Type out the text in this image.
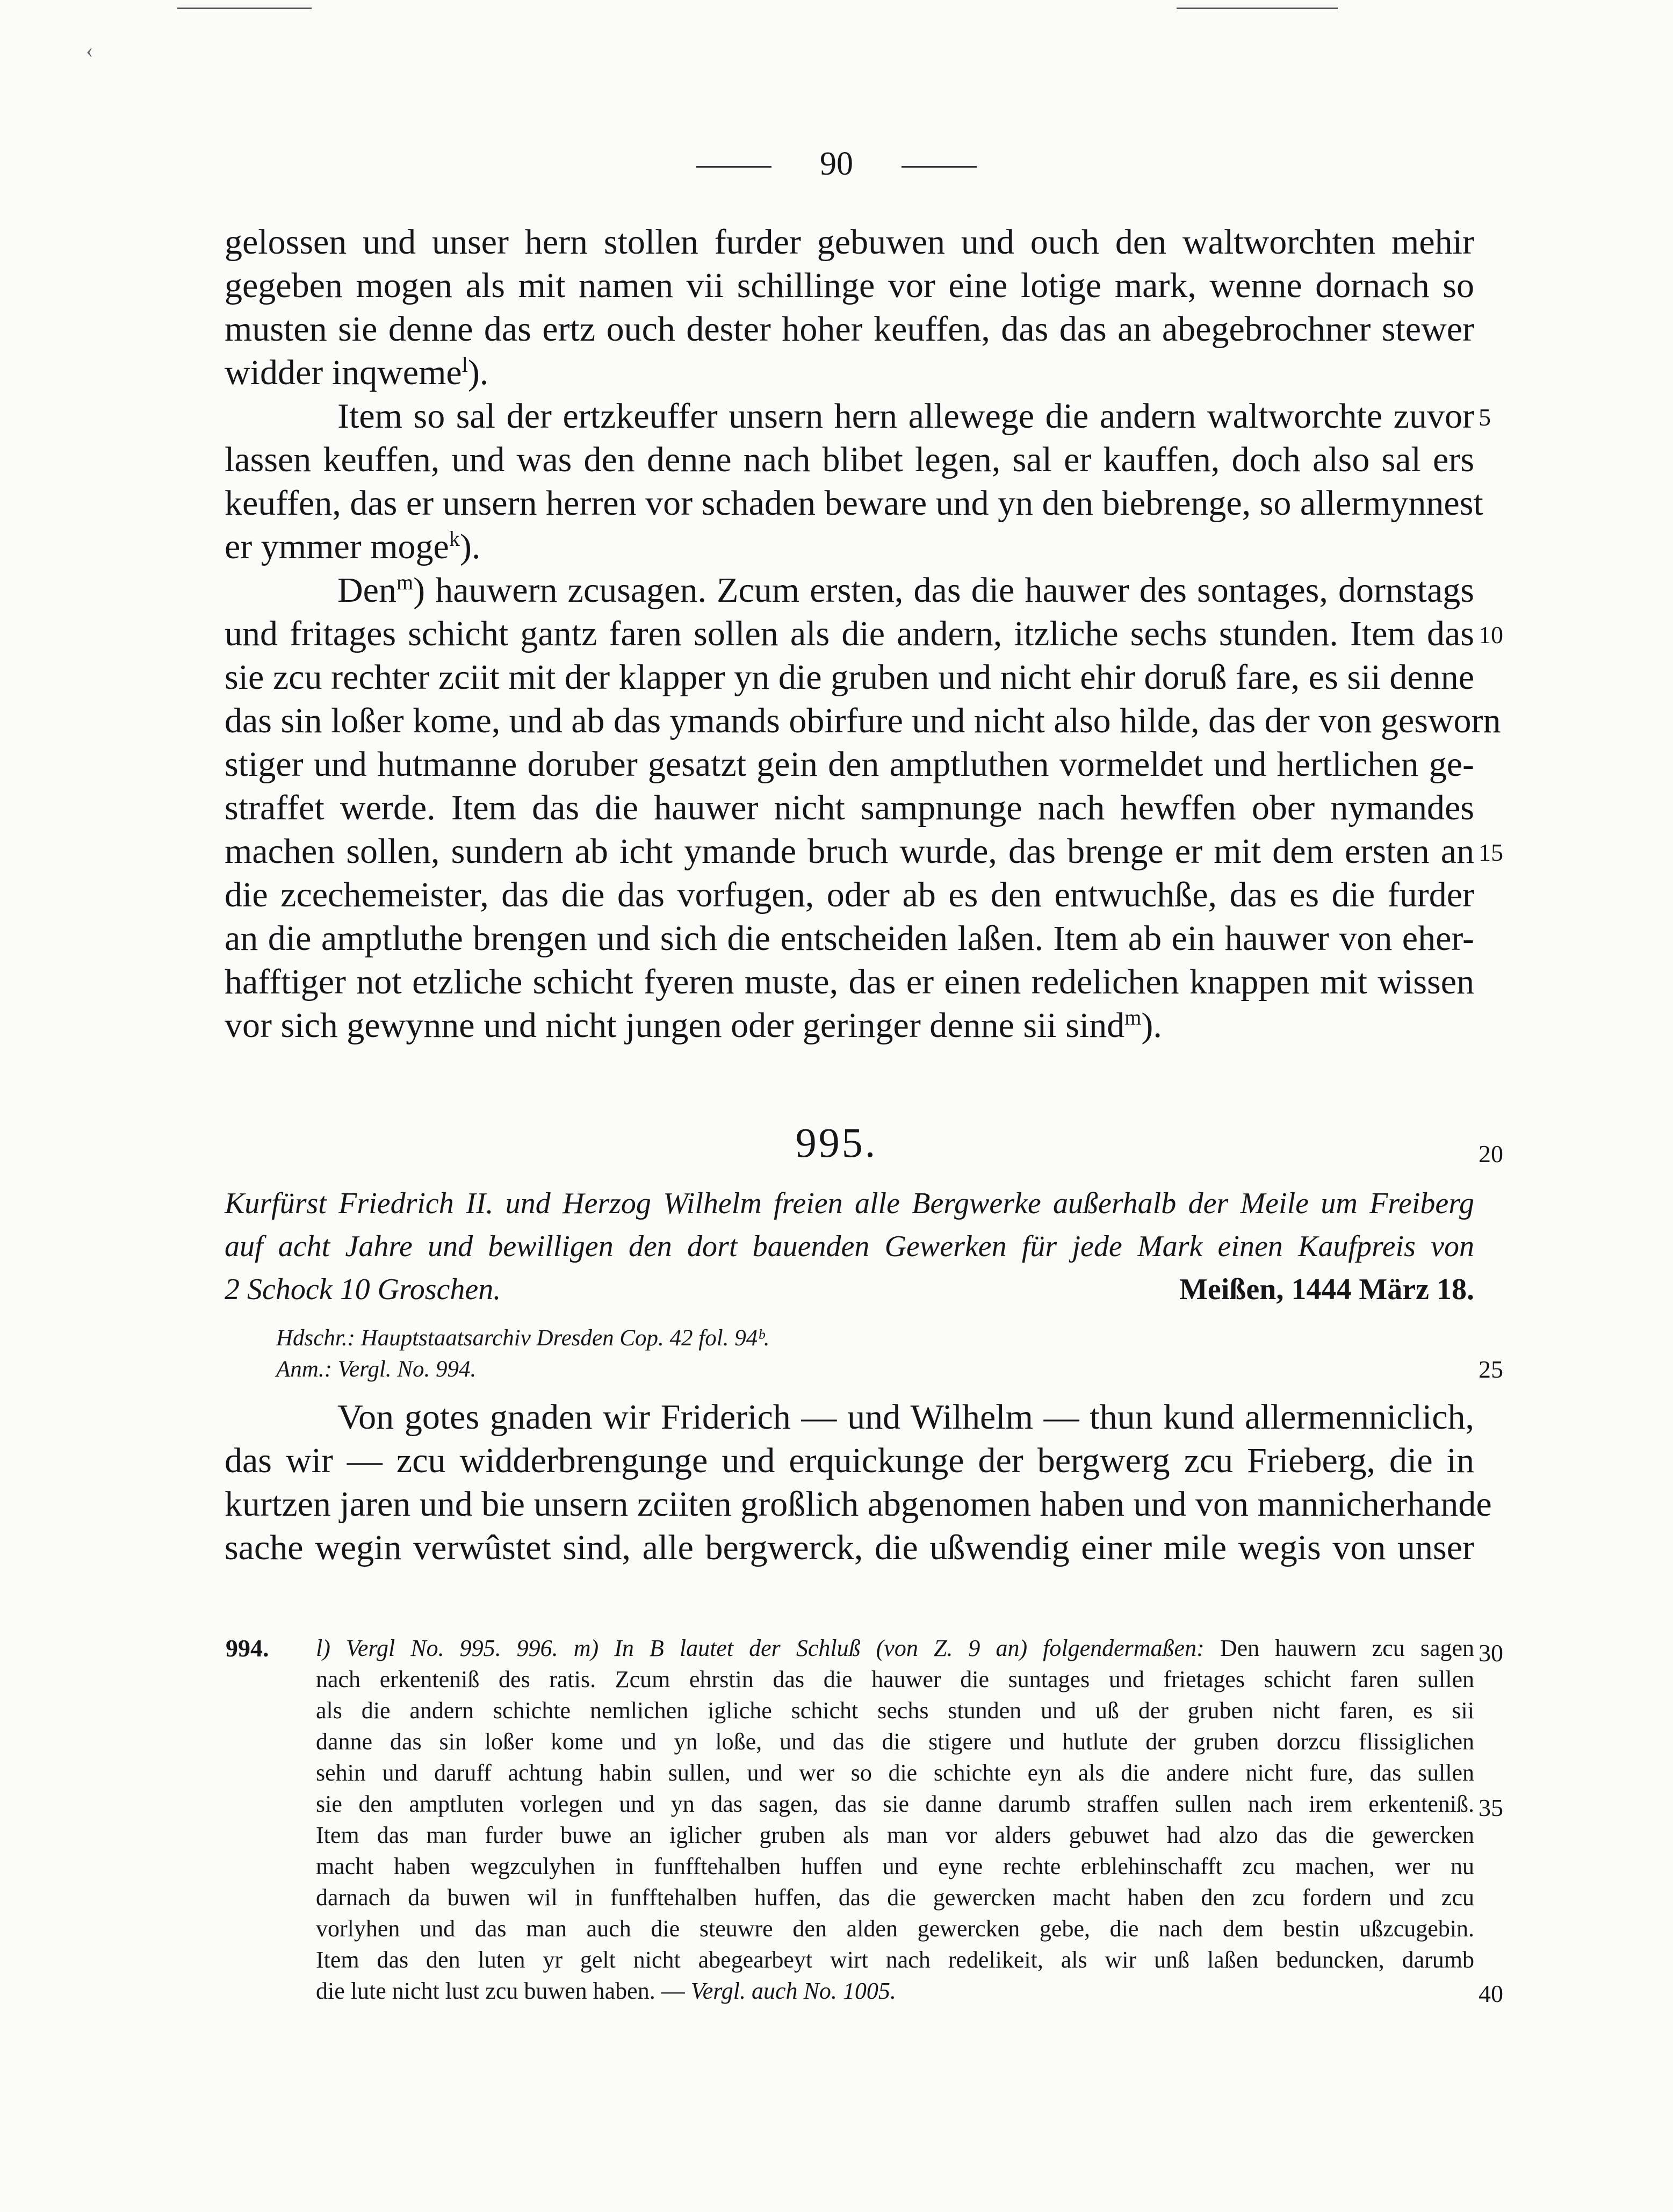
‹
90
gelossen und unser hern stollen furder gebuwen und ouch den waltworchten mehir
gegeben mogen als mit namen vii schillinge vor eine lotige mark, wenne dornach so
musten sie denne das ertz ouch dester hoher keuffen, das das an abegebrochner stewer
widder inqweme$^l$).
Item so sal der ertzkeuffer unsern hern allewege die andern waltworchte zuvor
lassen keuffen, und was den denne nach blibet legen, sal er kauffen, doch also sal ers
keuffen, das er unsern herren vor schaden beware und yn den biebrenge, so allermynnest
er ymmer moge$^k$).
Den$^m$) hauwern zcusagen. Zcum ersten, das die hauwer des sontages, dornstags
und fritages schicht gantz faren sollen als die andern, itzliche sechs stunden. Item das
sie zcu rechter zciit mit der klapper yn die gruben und nicht ehir doruß fare, es sii denne
das sin loßer kome, und ab das ymands obirfure und nicht also hilde, das der von gesworn
stiger und hutmanne doruber gesatzt gein den amptluthen vormeldet und hertlichen ge-
straffet werde. Item das die hauwer nicht sampnunge nach hewffen ober nymandes
machen sollen, sundern ab icht ymande bruch wurde, das brenge er mit dem ersten an
die zcechemeister, das die das vorfugen, oder ab es den entwuchße, das es die furder
an die amptluthe brengen und sich die entscheiden laßen. Item ab ein hauwer von eher-
hafftiger not etzliche schicht fyeren muste, das er einen redelichen knappen mit wissen
vor sich gewynne und nicht jungen oder geringer denne sii sind$^m$).
5
10
15
20
25
30
35
40
995.
Kurfürst Friedrich II. und Herzog Wilhelm freien alle Bergwerke außerhalb der Meile um Freiberg
auf acht Jahre und bewilligen den dort bauenden Gewerken für jede Mark einen Kaufpreis von
2 Schock 10 Groschen.	Meißen, 1444 März 18.
Hdschr.: Hauptstaatsarchiv Dresden Cop. 42 fol. 94ᵇ.
Anm.: Vergl. No. 994.
Von gotes gnaden wir Friderich — und Wilhelm — thun kund allermenniclich,
das wir — zcu widderbrengunge und erquickunge der bergwerg zcu Frieberg, die in
kurtzen jaren und bie unsern zciiten großlich abgenomen haben und von mannicherhande
sache wegin verwûstet sind, alle bergwerck, die ußwendig einer mile wegis von unser
994. l) Vergl No. 995. 996. m) In B lautet der Schluß (von Z. 9 an) folgendermaßen: Den hauwern zcu sagen
nach erkenteniß des ratis. Zcum ehrstin das die hauwer die suntages und frietages schicht faren sullen
als die andern schichte nemlichen igliche schicht sechs stunden und uß der gruben nicht faren, es sii
danne das sin loßer kome und yn loße, und das die stigere und hutlute der gruben dorzcu flissiglichen
sehin und daruff achtung habin sullen, und wer so die schichte eyn als die andere nicht fure, das sullen
sie den amptluten vorlegen und yn das sagen, das sie danne darumb straffen sullen nach irem erkenteniß.
Item das man furder buwe an iglicher gruben als man vor alders gebuwet had alzo das die gewercken
macht haben wegzculyhen in funfftehalben huffen und eyne rechte erblehinschafft zcu machen, wer nu
darnach da buwen wil in funfftehalben huffen, das die gewercken macht haben den zcu fordern und zcu
vorlyhen und das man auch die steuwre den alden gewercken gebe, die nach dem bestin ußzcugebin.
Item das den luten yr gelt nicht abegearbeyt wirt nach redelikeit, als wir unß laßen beduncken, darumb
die lute nicht lust zcu buwen haben. — Vergl. auch No. 1005.
